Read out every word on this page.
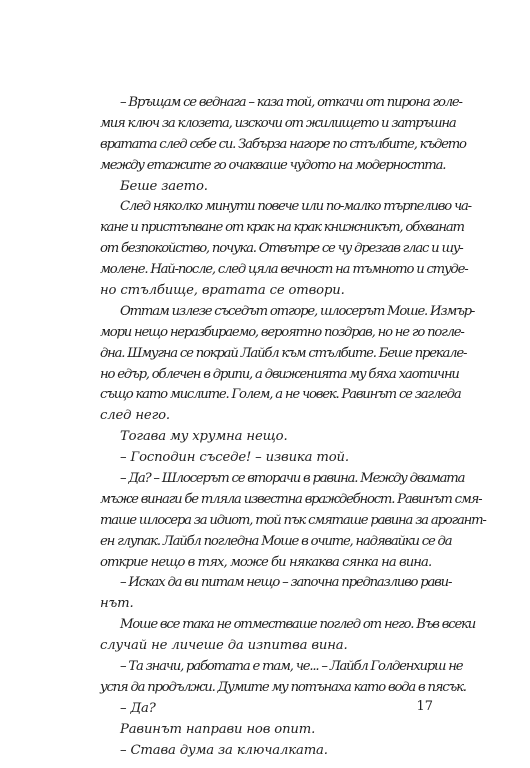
– Връщам се веднага – каза той, откачи от пирона голе-
мия ключ за клозета, изскочи от жилището и затръшна
вратата след себе си. Забърза нагоре по стълбите, където
между етажите го очакваше чудото на модерността.
Беше заето.
След няколко минути повече или по-малко търпеливо ча-
кане и пристъпване от крак на крак книжникът, обхванат
от безпокойство, почука. Отвътре се чу дрезгав глас и шу-
молене. Най-после, след цяла вечност на тъмното и студе-
но стълбище, вратата се отвори.
Оттам излезе съседът отгоре, шлосерът Моше. Измър-
мори нещо неразбираемо, вероятно поздрав, но не го погле-
дна. Шмугна се покрай Лайбл към стълбите. Беше прекале-
но едър, облечен в дрипи, а движенията му бяха хаотични
също като мислите. Голем, а не човек. Равинът се загледа
след него.
Тогава му хрумна нещо.
– Господин съседе! – извика той.
– Да? – Шлосерът се вторачи в равина. Между двамата
мъже винаги бе тляла известна враждебност. Равинът смя-
таше шлосера за идиот, той пък смяташе равина за арогант-
ен глупак. Лайбл погледна Моше в очите, надявайки се да
открие нещо в тях, може би някаква сянка на вина.
– Исках да ви питам нещо – започна предпазливо рави-
нът.
Моше все така не отместваше поглед от него. Във всеки
случай не личеше да изпитва вина.
– Та значи, работата е там, че... – Лайбл Голденхирш не
успя да продължи. Думите му потънаха като вода в пясък.
– Да?
Равинът направи нов опит.
– Става дума за ключалката.
17
